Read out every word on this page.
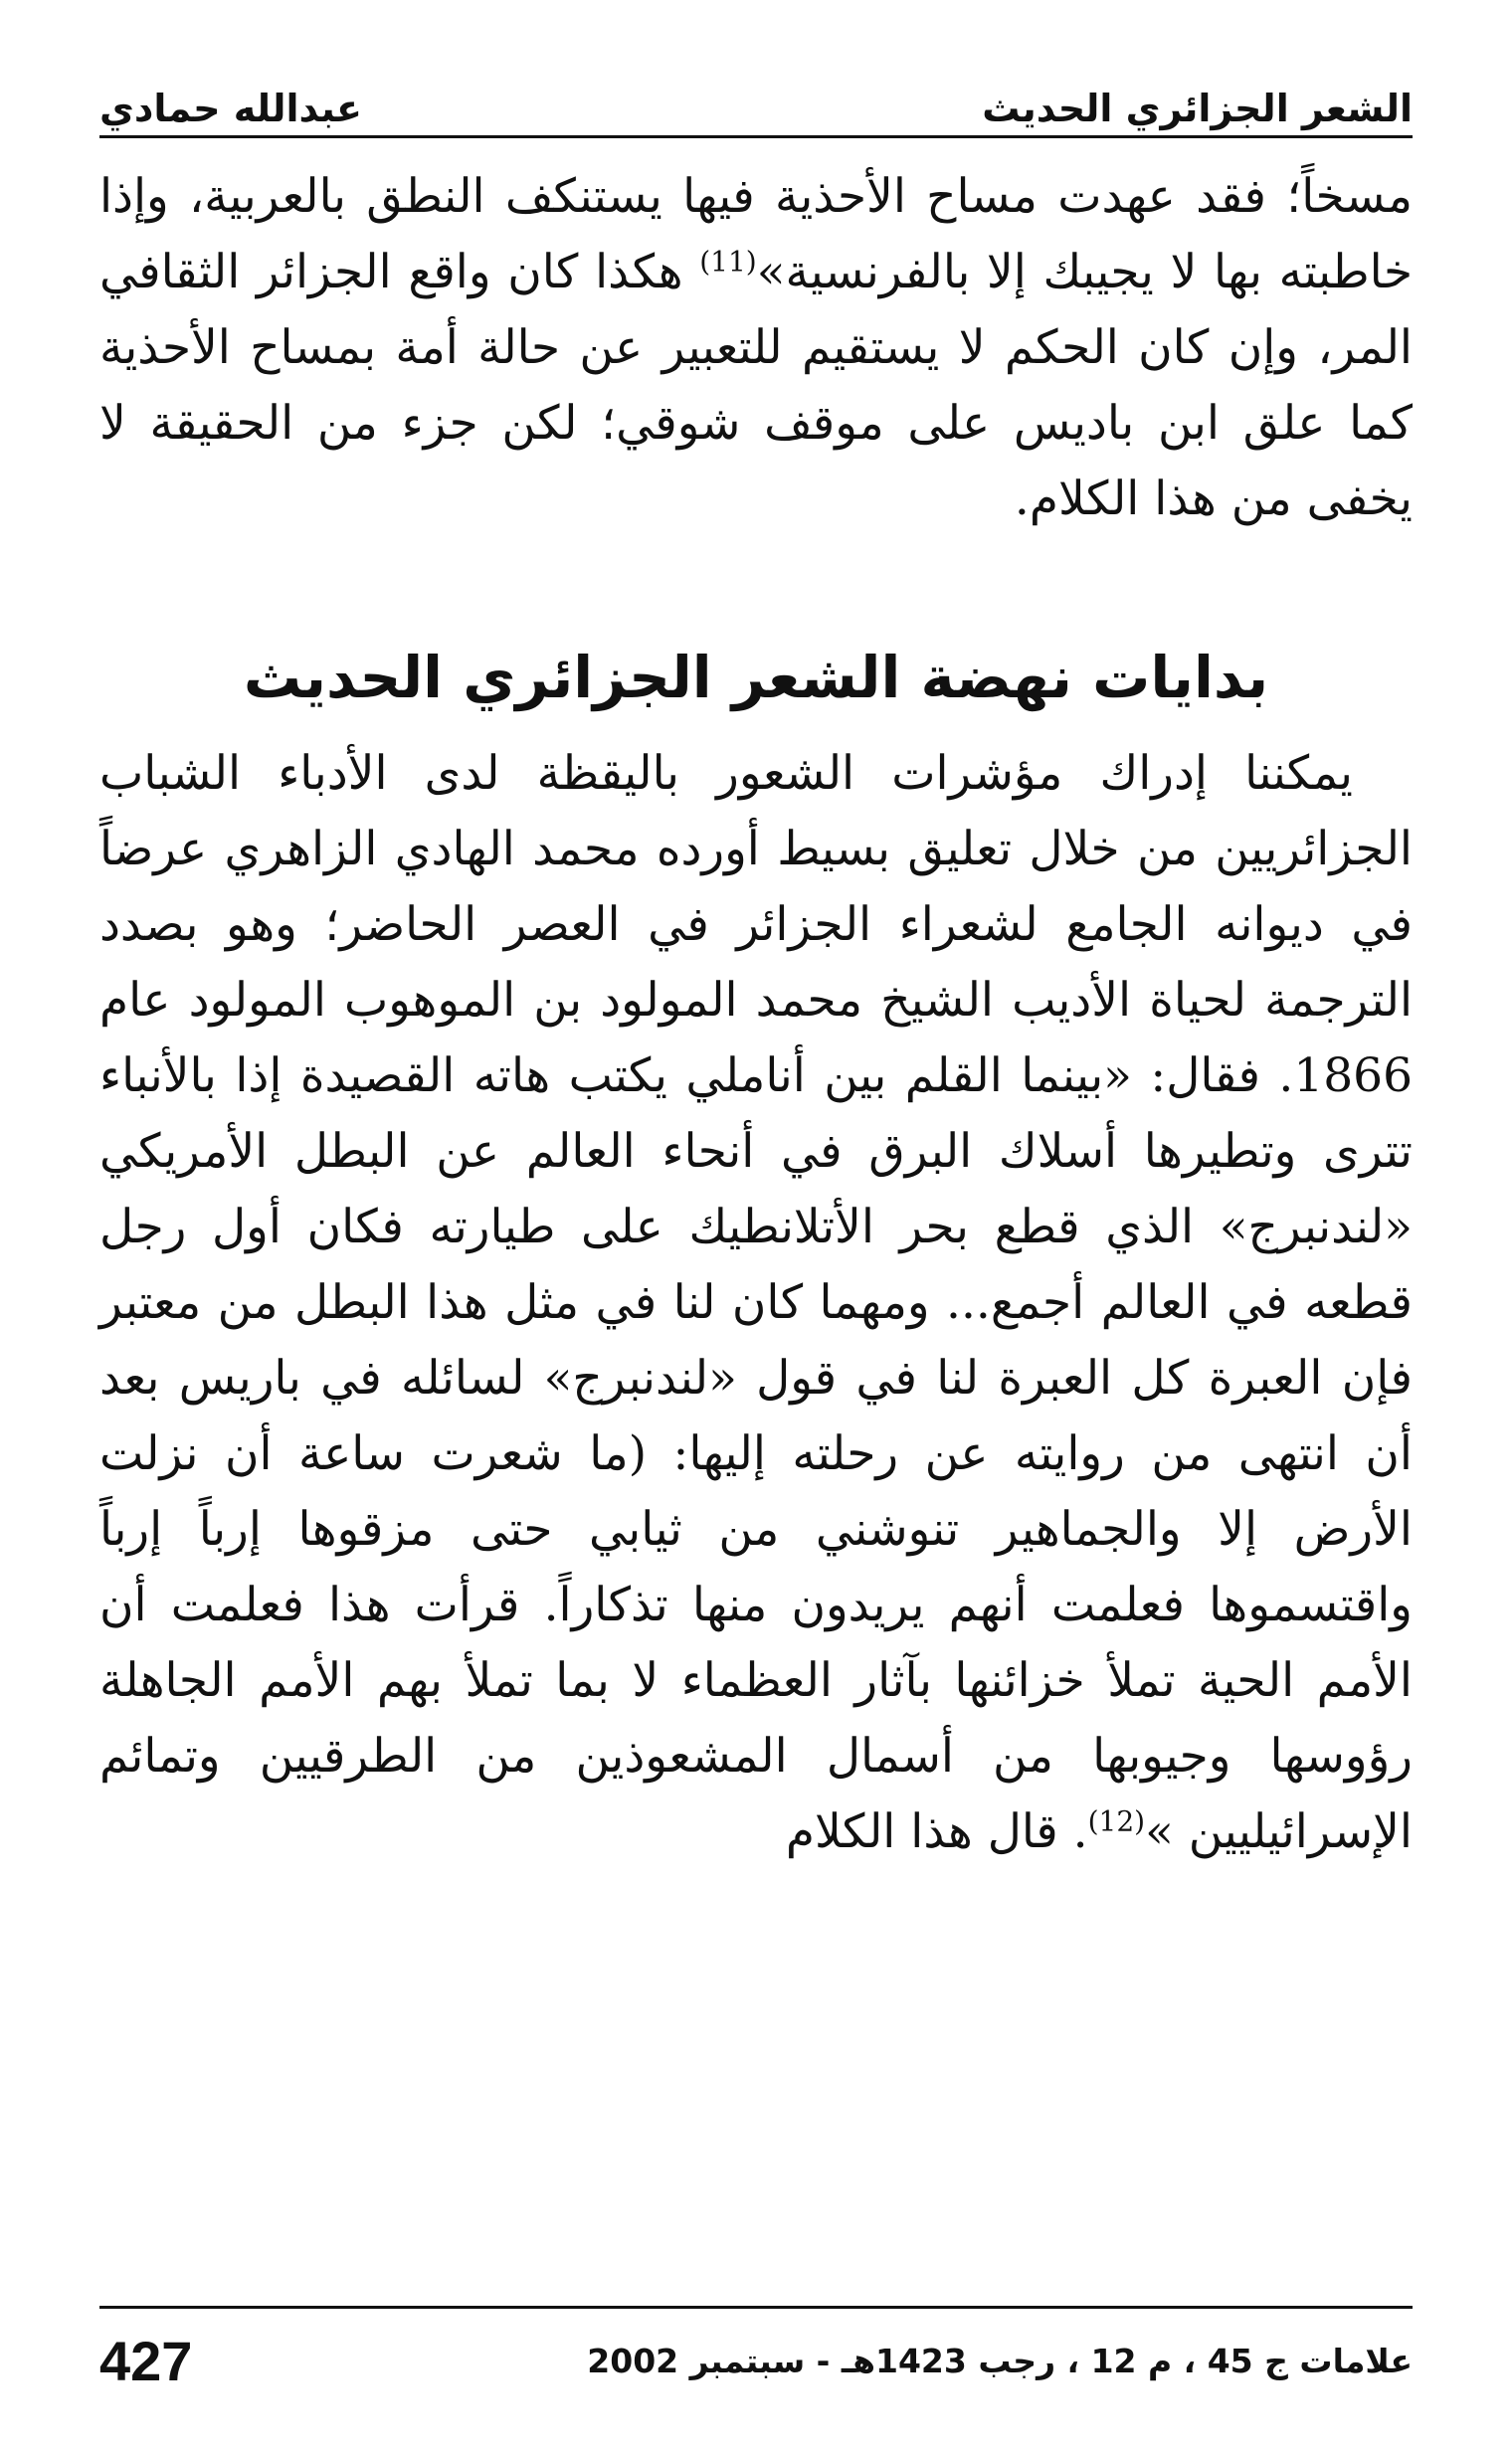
الشعر الجزائري الحديث
عبدالله حمادي

مسخاً؛ فقد عهدت مساح الأحذية فيها يستنكف النطق بالعربية، وإذا خاطبته بها لا يجيبك إلا بالفرنسية»$^{(11)}$ هكذا كان واقع الجزائر الثقافي المر، وإن كان الحكم لا يستقيم للتعبير عن حالة أمة بمساح الأحذية كما علق ابن باديس على موقف شوقي؛ لكن جزء من الحقيقة لا يخفى من هذا الكلام.

بدايات نهضة الشعر الجزائري الحديث

يمكننا إدراك مؤشرات الشعور باليقظة لدى الأدباء الشباب الجزائريين من خلال تعليق بسيط أورده محمد الهادي الزاهري عرضاً في ديوانه الجامع لشعراء الجزائر في العصر الحاضر؛ وهو بصدد الترجمة لحياة الأديب الشيخ محمد المولود بن الموهوب المولود عام 1866. فقال: «بينما القلم بين أناملي يكتب هاته القصيدة إذا بالأنباء تترى وتطيرها أسلاك البرق في أنحاء العالم عن البطل الأمريكي «لندنبرج» الذي قطع بحر الأتلانطيك على طيارته فكان أول رجل قطعه في العالم أجمع... ومهما كان لنا في مثل هذا البطل من معتبر فإن العبرة كل العبرة لنا في قول «لندنبرج» لسائله في باريس بعد أن انتهى من روايته عن رحلته إليها: (ما شعرت ساعة أن نزلت الأرض إلا والجماهير تنوشني من ثيابي حتى مزقوها إرباً إرباً واقتسموها فعلمت أنهم يريدون منها تذكاراً. قرأت هذا فعلمت أن الأمم الحية تملأ خزائنها بآثار العظماء لا بما تملأ بهم الأمم الجاهلة رؤوسها وجيوبها من أسمال المشعوذين من الطرقيين وتمائم الإسرائيليين »$^{(12)}$. قال هذا الكلام

علامات ج 45 ، م 12 ، رجب 1423هـ - سبتمبر 2002
427
